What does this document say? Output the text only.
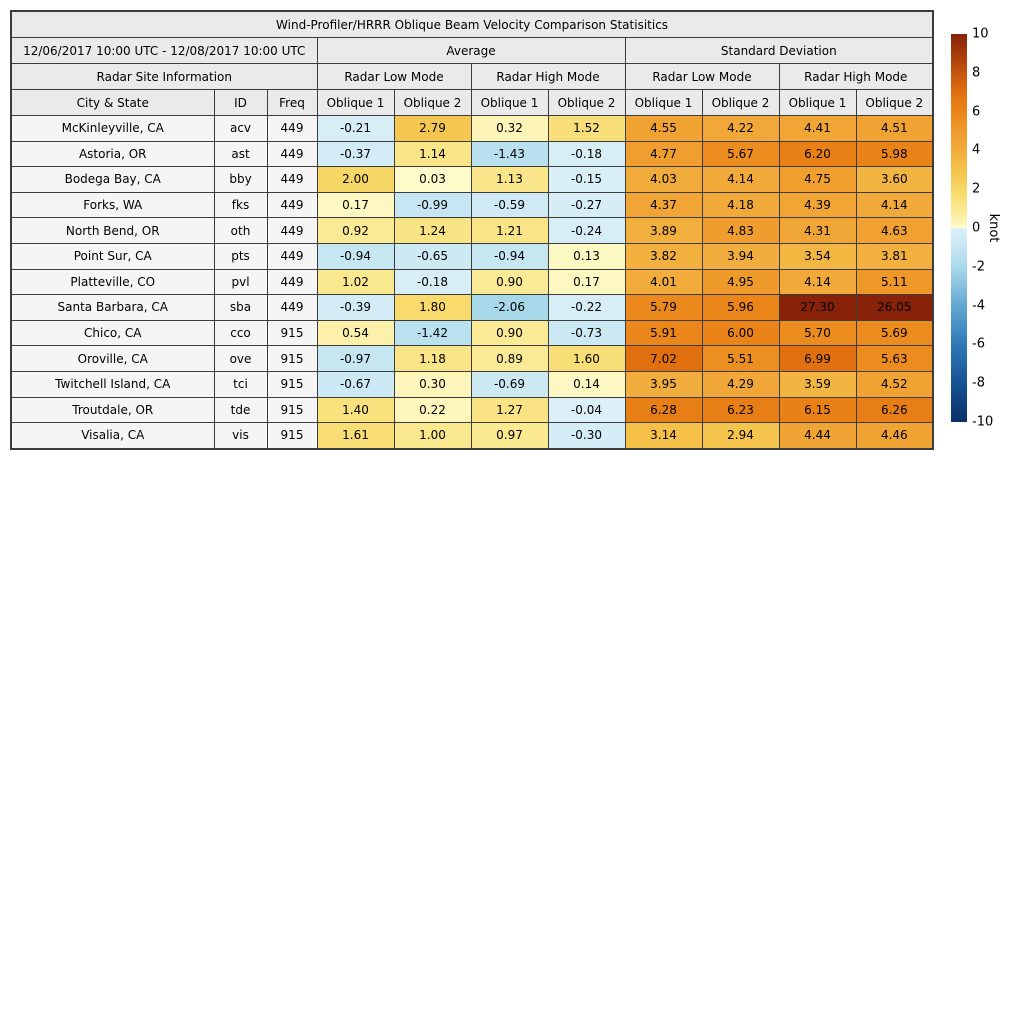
Wind-Profiler/HRRR Oblique Beam Velocity Comparison Statisitics										
12/06/2017 10:00 UTC - 12/08/2017 10:00 UTC			Average				Standard Deviation			
Radar Site Information			Radar Low Mode		Radar High Mode		Radar Low Mode		Radar High Mode	
City & State	ID	Freq	Oblique 1	Oblique 2	Oblique 1	Oblique 2	Oblique 1	Oblique 2	Oblique 1	Oblique 2
McKinleyville, CA	acv	449	-0.21	2.79	0.32	1.52	4.55	4.22	4.41	4.51
Astoria, OR	ast	449	-0.37	1.14	-1.43	-0.18	4.77	5.67	6.20	5.98
Bodega Bay, CA	bby	449	2.00	0.03	1.13	-0.15	4.03	4.14	4.75	3.60
Forks, WA	fks	449	0.17	-0.99	-0.59	-0.27	4.37	4.18	4.39	4.14
North Bend, OR	oth	449	0.92	1.24	1.21	-0.24	3.89	4.83	4.31	4.63
Point Sur, CA	pts	449	-0.94	-0.65	-0.94	0.13	3.82	3.94	3.54	3.81
Platteville, CO	pvl	449	1.02	-0.18	0.90	0.17	4.01	4.95	4.14	5.11
Santa Barbara, CA	sba	449	-0.39	1.80	-2.06	-0.22	5.79	5.96	27.30	26.05
Chico, CA	cco	915	0.54	-1.42	0.90	-0.73	5.91	6.00	5.70	5.69
Oroville, CA	ove	915	-0.97	1.18	0.89	1.60	7.02	5.51	6.99	5.63
Twitchell Island, CA	tci	915	-0.67	0.30	-0.69	0.14	3.95	4.29	3.59	4.52
Troutdale, OR	tde	915	1.40	0.22	1.27	-0.04	6.28	6.23	6.15	6.26
Visalia, CA	vis	915	1.61	1.00	0.97	-0.30	3.14	2.94	4.44	4.46
10
8
6
4
2
0
-2
-4
-6
-8
-10
knot
